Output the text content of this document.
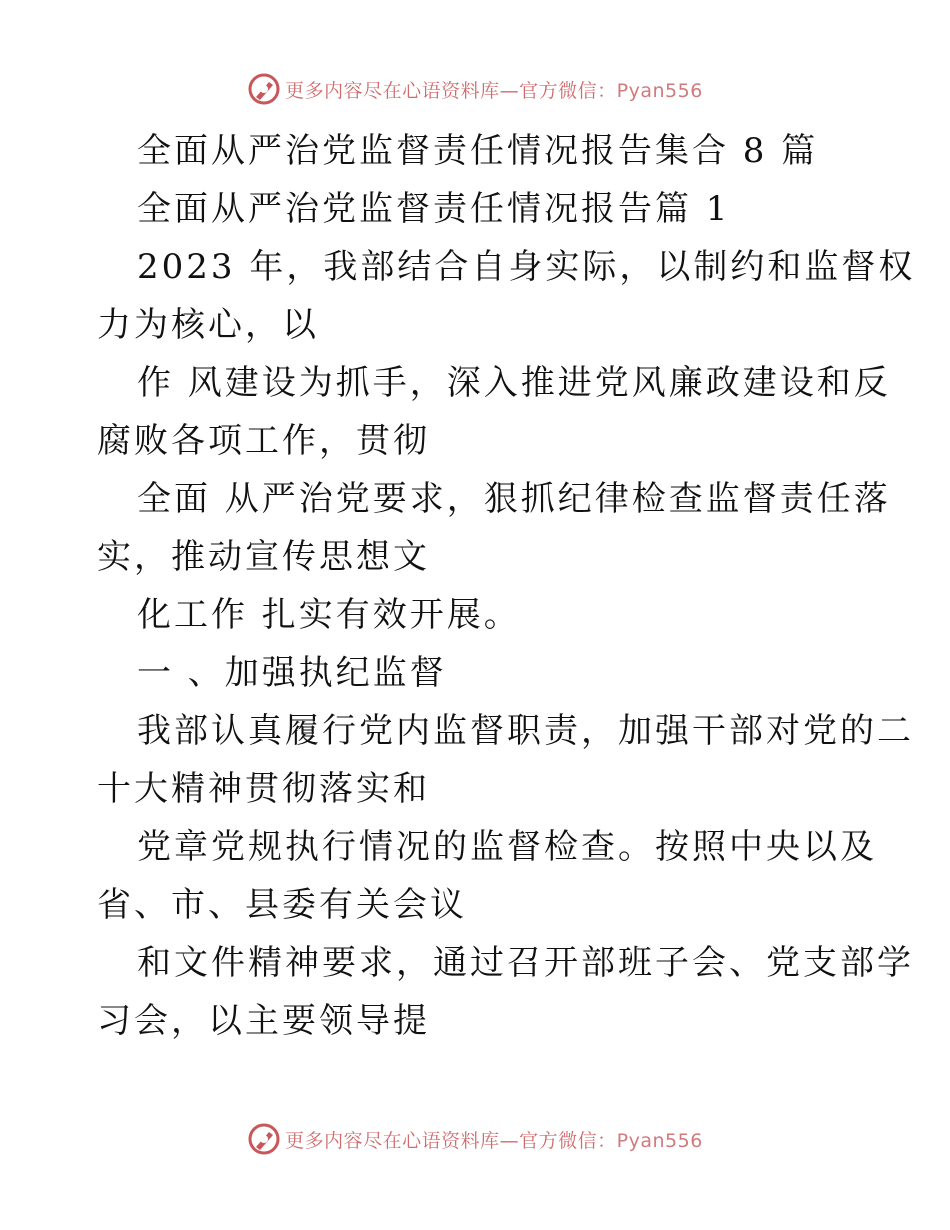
更多内容尽在心语资料库—官方微信：Pyan556
全面从严治党监督责任情况报告集合 8 篇
全面从严治党监督责任情况报告篇 1
2023 年，我部结合自身实际，以制约和监督权
力为核心，以
作 风建设为抓手，深入推进党风廉政建设和反
腐败各项工作，贯彻
全面 从严治党要求，狠抓纪律检查监督责任落
实，推动宣传思想文
化工作 扎实有效开展。
一 、加强执纪监督
我部认真履行党内监督职责，加强干部对党的二
十大精神贯彻落实和
党章党规执行情况的监督检查。按照中央以及
省、市、县委有关会议
和文件精神要求，通过召开部班子会、党支部学
习会，以主要领导提
更多内容尽在心语资料库—官方微信：Pyan556
